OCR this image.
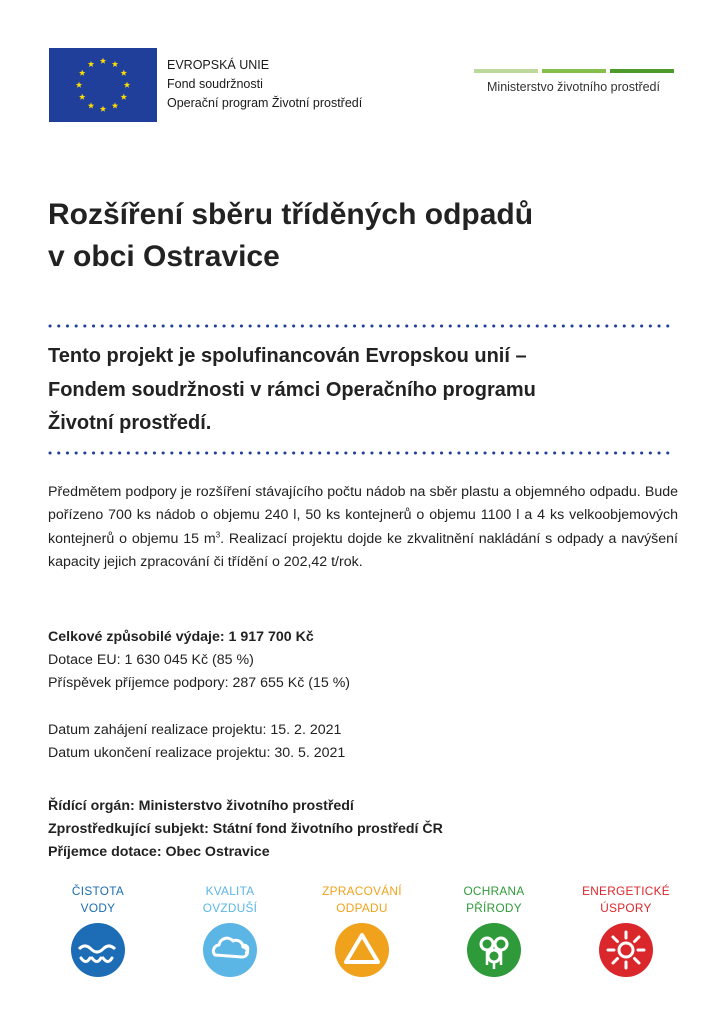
EVROPSKÁ UNIE
Fond soudržnosti
Operační program Životní prostředí
Ministerstvo životního prostředí
Rozšíření sběru tříděných odpadů
v obci Ostravice
Tento projekt je spolufinancován Evropskou unií –
Fondem soudržnosti v rámci Operačního programu
Životní prostředí.
Předmětem podpory je rozšíření stávajícího počtu nádob na sběr plastu a objemného odpadu. Bude pořízeno 700 ks nádob o objemu 240 l, 50 ks kontejnerů o objemu 1100 l a 4 ks velkoobjemových kontejnerů o objemu 15 $m^3$. Realizací projektu dojde ke zkvalitnění nakládání s odpady a navýšení kapacity jejich zpracování či třídění o 202,42 t/rok.
Celkové způsobilé výdaje: 1 917 700 Kč
Dotace EU: 1 630 045 Kč (85 %)
Příspěvek příjemce podpory: 287 655 Kč (15 %)
Datum zahájení realizace projektu: 15. 2. 2021
Datum ukončení realizace projektu: 30. 5. 2021
Řídící orgán: Ministerstvo životního prostředí
Zprostředkující subjekt: Státní fond životního prostředí ČR
Příjemce dotace: Obec Ostravice
ČISTOTA
VODY
KVALITA
OVZDUŠÍ
ZPRACOVÁNÍ
ODPADU
OCHRANA
PŘÍRODY
ENERGETICKÉ
ÚSPORY
